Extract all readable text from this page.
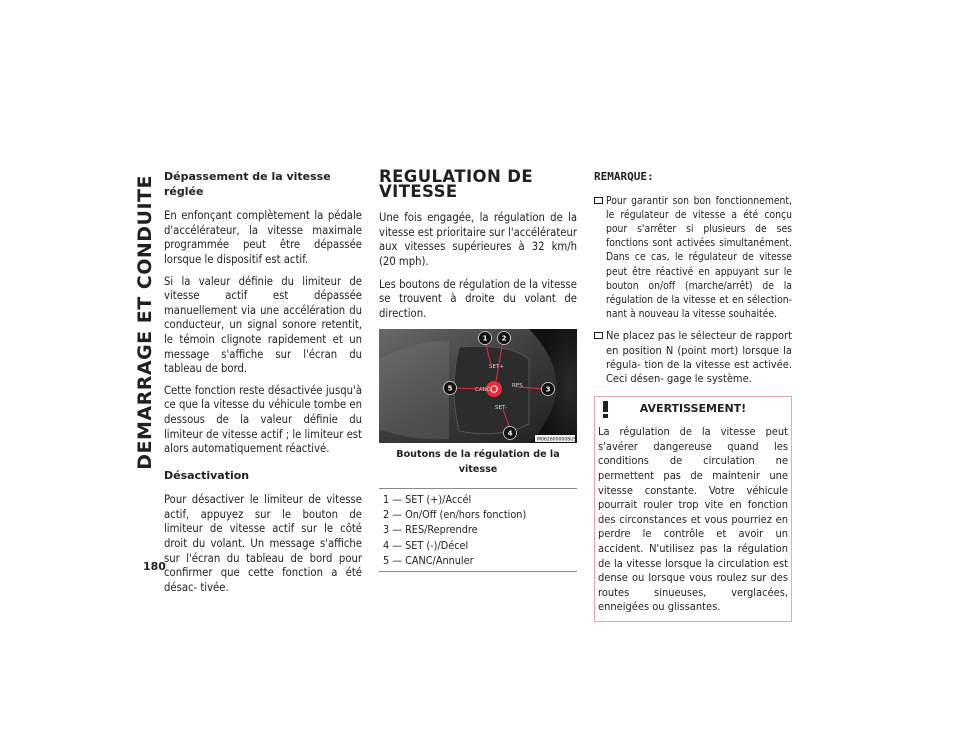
DEMARRAGE ET CONDUITE
180
Dépassement de la vitesse réglée

En enfonçant complètement la pédale d'accélérateur, la vitesse maximale programmée peut être dépassée lorsque le dispositif est actif.

Si la valeur définie du limiteur de vitesse actif est dépassée manuellement via une accélération du conducteur, un signal sonore retentit, le témoin clignote rapidement et un message s'affiche sur l'écran du tableau de bord.

Cette fonction reste désactivée jusqu'à ce que la vitesse du véhicule tombe en dessous de la valeur définie du limiteur de vitesse actif ; le limiteur est alors automatiquement réactivé.

Désactivation

Pour désactiver le limiteur de vitesse actif, appuyez sur le bouton de limiteur de vitesse actif sur le côté droit du volant. Un message s'affiche sur l'écran du tableau de bord pour confirmer que cette fonction a été désac- tivée.

REGULATION DE VITESSE

Une fois engagée, la régulation de la vitesse est prioritaire sur l'accélérateur aux vitesses supérieures à 32 km/h (20 mph).

Les boutons de régulation de la vitesse se trouvent à droite du volant de direction.

SET+
CANC
RES
SET-
1 2
3
4
5
M0626000008US
Boutons de la régulation de la vitesse
1 — SET (+)/Accél
2 — On/Off (en/hors fonction)
3 — RES/Reprendre
4 — SET (-)/Décel
5 — CANC/Annuler
REMARQUE:
Pour garantir son bon fonctionnement, le régulateur de vitesse a été conçu pour s'arrêter si plusieurs de ses fonctions sont activées simultanément. Dans ce cas, le régulateur de vitesse peut être réactivé en appuyant sur le bouton on/off (marche/arrêt) de la régulation de la vitesse et en sélection- nant à nouveau la vitesse souhaitée.
Ne placez pas le sélecteur de rapport en position N (point mort) lorsque la régula- tion de la vitesse est activée. Ceci désen- gage le système.
AVERTISSEMENT!
La régulation de la vitesse peut s'avérer dangereuse quand les conditions de circulation ne permettent pas de maintenir une vitesse constante. Votre véhicule pourrait rouler trop vite en fonction des circonstances et vous pourriez en perdre le contrôle et avoir un accident. N'utilisez pas la régulation de la vitesse lorsque la circulation est dense ou lorsque vous roulez sur des routes sinueuses, verglacées, enneigées ou glissantes.
